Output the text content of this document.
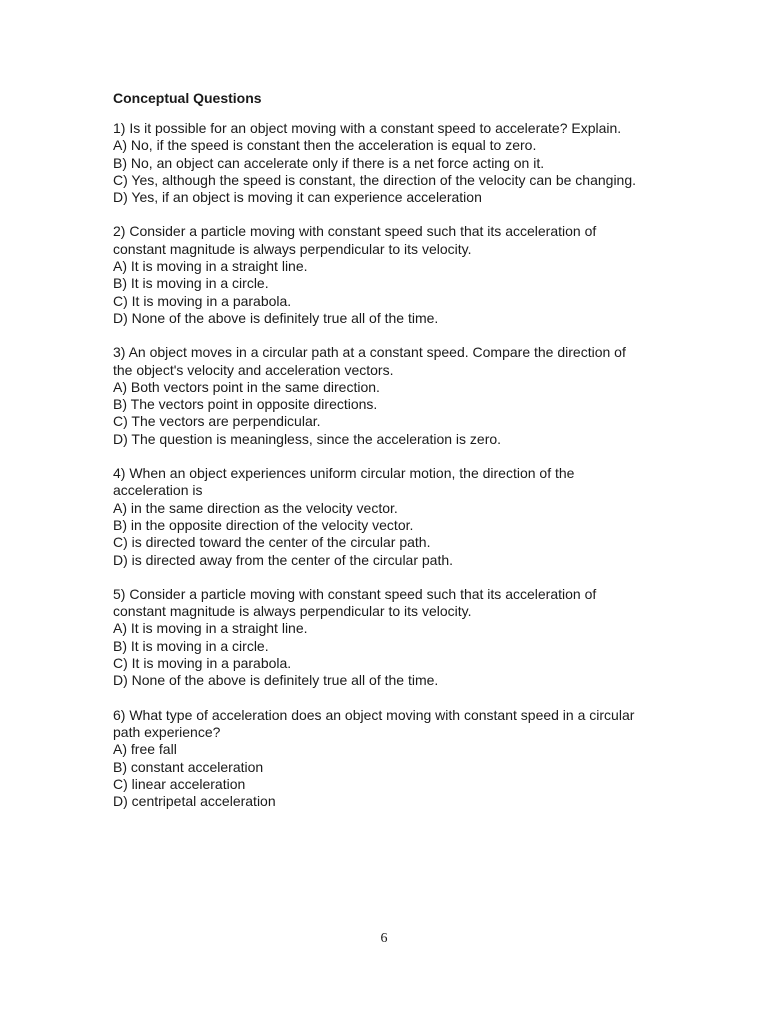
Conceptual Questions

1) Is it possible for an object moving with a constant speed to accelerate? Explain.

A) No, if the speed is constant then the acceleration is equal to zero.

B) No, an object can accelerate only if there is a net force acting on it.

C) Yes, although the speed is constant, the direction of the velocity can be changing.

D) Yes, if an object is moving it can experience acceleration

2) Consider a particle moving with constant speed such that its acceleration of constant magnitude is always perpendicular to its velocity.

A) It is moving in a straight line.

B) It is moving in a circle.

C) It is moving in a parabola.

D) None of the above is definitely true all of the time.

3) An object moves in a circular path at a constant speed. Compare the direction of the object's velocity and acceleration vectors.

A) Both vectors point in the same direction.

B) The vectors point in opposite directions.

C) The vectors are perpendicular.

D) The question is meaningless, since the acceleration is zero.

4) When an object experiences uniform circular motion, the direction of the acceleration is

A) in the same direction as the velocity vector.

B) in the opposite direction of the velocity vector.

C) is directed toward the center of the circular path.

D) is directed away from the center of the circular path.

5) Consider a particle moving with constant speed such that its acceleration of constant magnitude is always perpendicular to its velocity.

A) It is moving in a straight line.

B) It is moving in a circle.

C) It is moving in a parabola.

D) None of the above is definitely true all of the time.

6) What type of acceleration does an object moving with constant speed in a circular path experience?

A) free fall

B) constant acceleration

C) linear acceleration

D) centripetal acceleration

6
